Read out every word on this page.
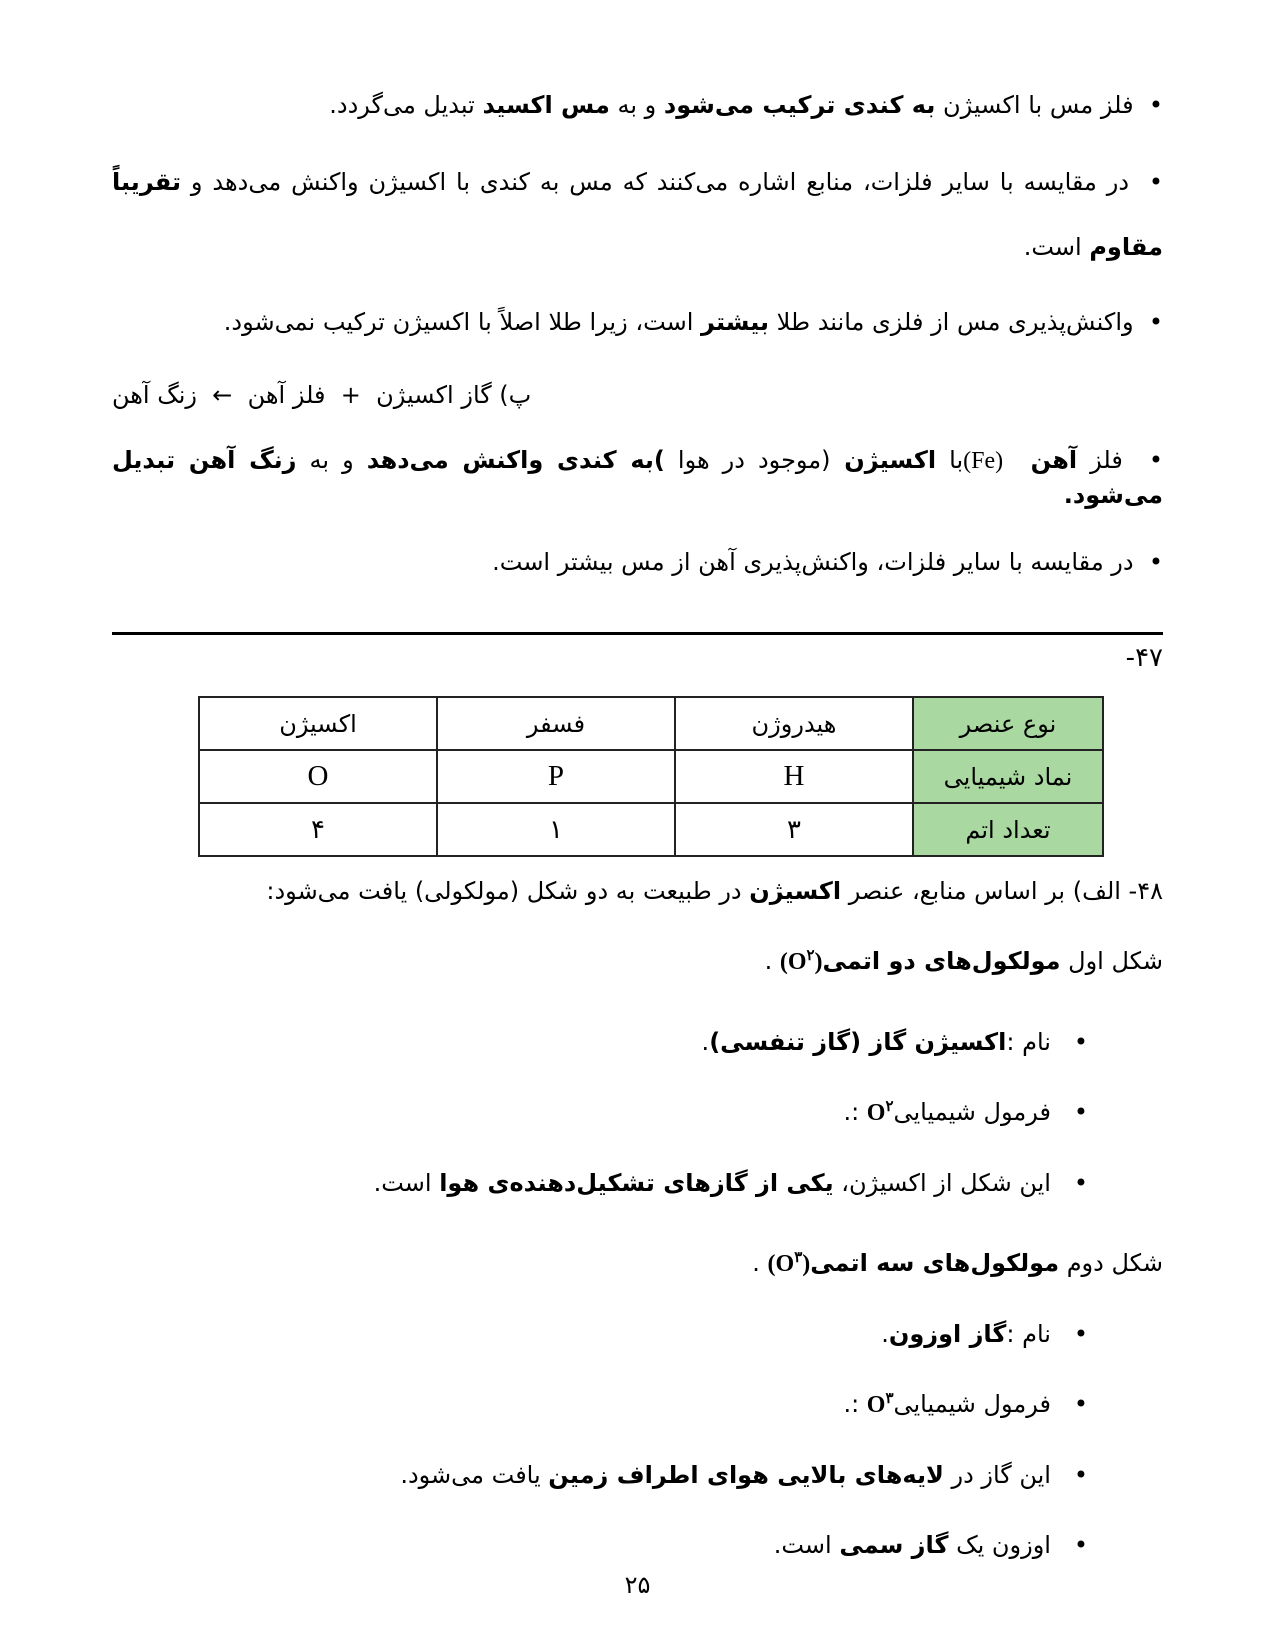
•  فلز مس با اکسیژن به کندی ترکیب می‌شود و به مس اکسید تبدیل می‌گردد.
•  در مقایسه با سایر فلزات، منابع اشاره می‌کنند که مس به کندی با اکسیژن واکنش می‌دهد و تقریباً
مقاوم است.
•  واکنش‌پذیری مس از فلزی مانند طلا بیشتر است، زیرا طلا اصلاً با اکسیژن ترکیب نمی‌شود.
پ) گاز اکسیژن  +  فلز آهن  ←  زنگ آهن
•  فلز آهن  (Fe)با اکسیژن (موجود در هوا )به کندی واکنش می‌دهد و به زنگ آهن تبدیل می‌شود.
•  در مقایسه با سایر فلزات، واکنش‌پذیری آهن از مس بیشتر است.
۴۷-
نوع عنصر	هیدروژن	فسفر	اکسیژن
نماد شیمیایی	H	P	O
تعداد اتم	۳	۱	۴
۴۸- الف) بر اساس منابع، عنصر اکسیژن در طبیعت به دو شکل (مولکولی) یافت می‌شود:
شکل اول مولکول‌های دو $اتمی(O^۲)$ .
•   نام :اکسیژن گاز (گاز تنفسی).
•   فرمول شیمیاییO$^۲$ :.
•   این شکل از اکسیژن، یکی از گازهای تشکیل‌دهنده‌ی هوا است.
شکل دوم مولکول‌های سه $اتمی(O^۳)$ .
•   نام :گاز اوزون.
•   فرمول شیمیاییO$^۳$ :.
•   این گاز در لایه‌های بالایی هوای اطراف زمین یافت می‌شود.
•   اوزون یک گاز سمی است.
۲۵
